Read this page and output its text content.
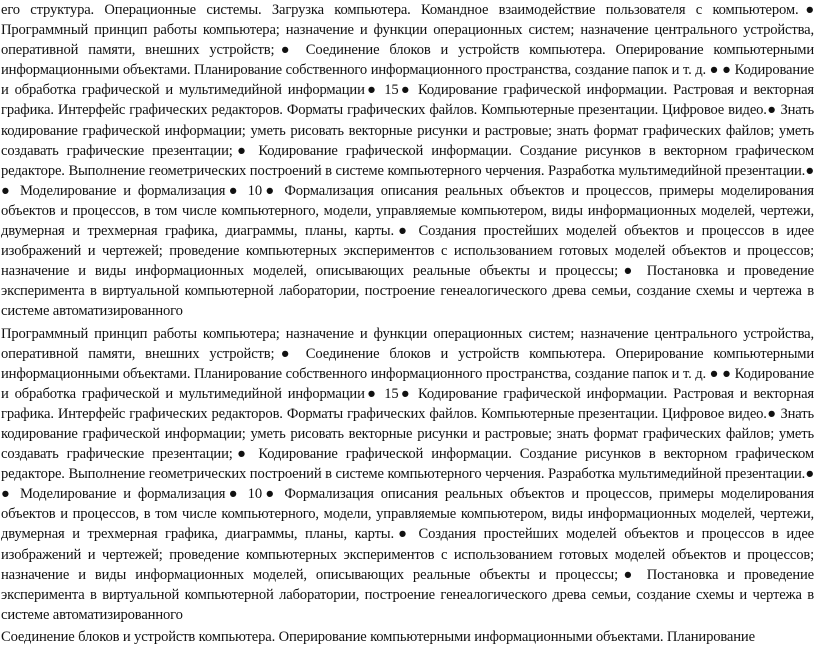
его структура. Операционные системы. Загрузка компьютера. Командное взаимодействие пользователя с компьютером.● Программный принцип работы компьютера; назначение и функции операционных систем; назначение центрального устройства, оперативной памяти, внешних устройств;● Соединение блоков и устройств компьютера. Оперирование компьютерными информационными объектами. Планирование собственного информационного пространства, создание папок и т. д. ● ● Кодирование и обработка графической и мультимедийной информации● 15● Кодирование графической информации. Растровая и векторная графика. Интерфейс графических редакторов. Форматы графических файлов. Компьютерные презентации. Цифровое видео.● Знать кодирование графической информации; уметь рисовать векторные рисунки и растровые; знать формат графических файлов; уметь создавать графические презентации;● Кодирование графической информации. Создание рисунков в векторном графическом редакторе. Выполнение геометрических построений в системе компьютерного черчения. Разработка мультимедийной презентации.● ● Моделирование и формализация● 10● Формализация описания реальных объектов и процессов, примеры моделирования объектов и процессов, в том числе компьютерного, модели, управляемые компьютером, виды информационных моделей, чертежи, двумерная и трехмерная графика, диаграммы, планы, карты.● Создания простейших моделей объектов и процессов в идее изображений и чертежей; проведение компьютерных экспериментов с использованием готовых моделей объектов и процессов; назначение и виды информационных моделей, описывающих реальные объекты и процессы;● Постановка и проведение эксперимента в виртуальной компьютерной лаборатории, построение генеалогического древа семьи, создание схемы и чертежа в системе автоматизированного

Программный принцип работы компьютера; назначение и функции операционных систем; назначение центрального устройства, оперативной памяти, внешних устройств;● Соединение блоков и устройств компьютера. Оперирование компьютерными информационными объектами. Планирование собственного информационного пространства, создание папок и т. д. ● ● Кодирование и обработка графической и мультимедийной информации● 15● Кодирование графической информации. Растровая и векторная графика. Интерфейс графических редакторов. Форматы графических файлов. Компьютерные презентации. Цифровое видео.● Знать кодирование графической информации; уметь рисовать векторные рисунки и растровые; знать формат графических файлов; уметь создавать графические презентации;● Кодирование графической информации. Создание рисунков в векторном графическом редакторе. Выполнение геометрических построений в системе компьютерного черчения. Разработка мультимедийной презентации.● ● Моделирование и формализация● 10● Формализация описания реальных объектов и процессов, примеры моделирования объектов и процессов, в том числе компьютерного, модели, управляемые компьютером, виды информационных моделей, чертежи, двумерная и трехмерная графика, диаграммы, планы, карты.● Создания простейших моделей объектов и процессов в идее изображений и чертежей; проведение компьютерных экспериментов с использованием готовых моделей объектов и процессов; назначение и виды информационных моделей, описывающих реальные объекты и процессы;● Постановка и проведение эксперимента в виртуальной компьютерной лаборатории, построение генеалогического древа семьи, создание схемы и чертежа в системе автоматизированного

Соединение блоков и устройств компьютера. Оперирование компьютерными информационными объектами. Планирование
